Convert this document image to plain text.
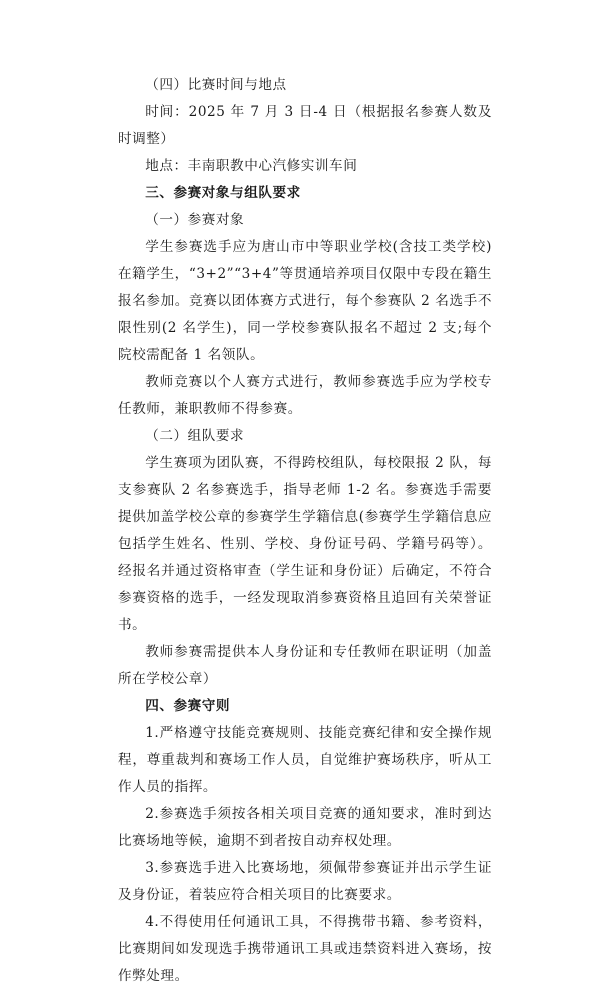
（四）比赛时间与地点

时间：2025 年 7 月 3 日-4 日（根据报名参赛人数及时调整）

地点：丰南职教中心汽修实训车间

三、参赛对象与组队要求

（一）参赛对象

学生参赛选手应为唐山市中等职业学校(含技工类学校)在籍学生，“3+2”“3+4”等贯通培养项目仅限中专段在籍生报名参加。竞赛以团体赛方式进行，每个参赛队 2 名选手不限性别(2 名学生)，同一学校参赛队报名不超过 2 支;每个院校需配备 1 名领队。

教师竞赛以个人赛方式进行，教师参赛选手应为学校专任教师，兼职教师不得参赛。

（二）组队要求

学生赛项为团队赛，不得跨校组队，每校限报 2 队，每支参赛队 2 名参赛选手，指导老师 1-2 名。参赛选手需要提供加盖学校公章的参赛学生学籍信息(参赛学生学籍信息应包括学生姓名、性别、学校、身份证号码、学籍号码等）。经报名并通过资格审查（学生证和身份证）后确定，不符合参赛资格的选手，一经发现取消参赛资格且追回有关荣誉证书。

教师参赛需提供本人身份证和专任教师在职证明（加盖所在学校公章）

四、参赛守则

1.严格遵守技能竞赛规则、技能竞赛纪律和安全操作规程，尊重裁判和赛场工作人员，自觉维护赛场秩序，听从工作人员的指挥。

2.参赛选手须按各相关项目竞赛的通知要求，准时到达比赛场地等候，逾期不到者按自动弃权处理。

3.参赛选手进入比赛场地，须佩带参赛证并出示学生证及身份证，着装应符合相关项目的比赛要求。

4.不得使用任何通讯工具，不得携带书籍、参考资料，比赛期间如发现选手携带通讯工具或违禁资料进入赛场，按作弊处理。
